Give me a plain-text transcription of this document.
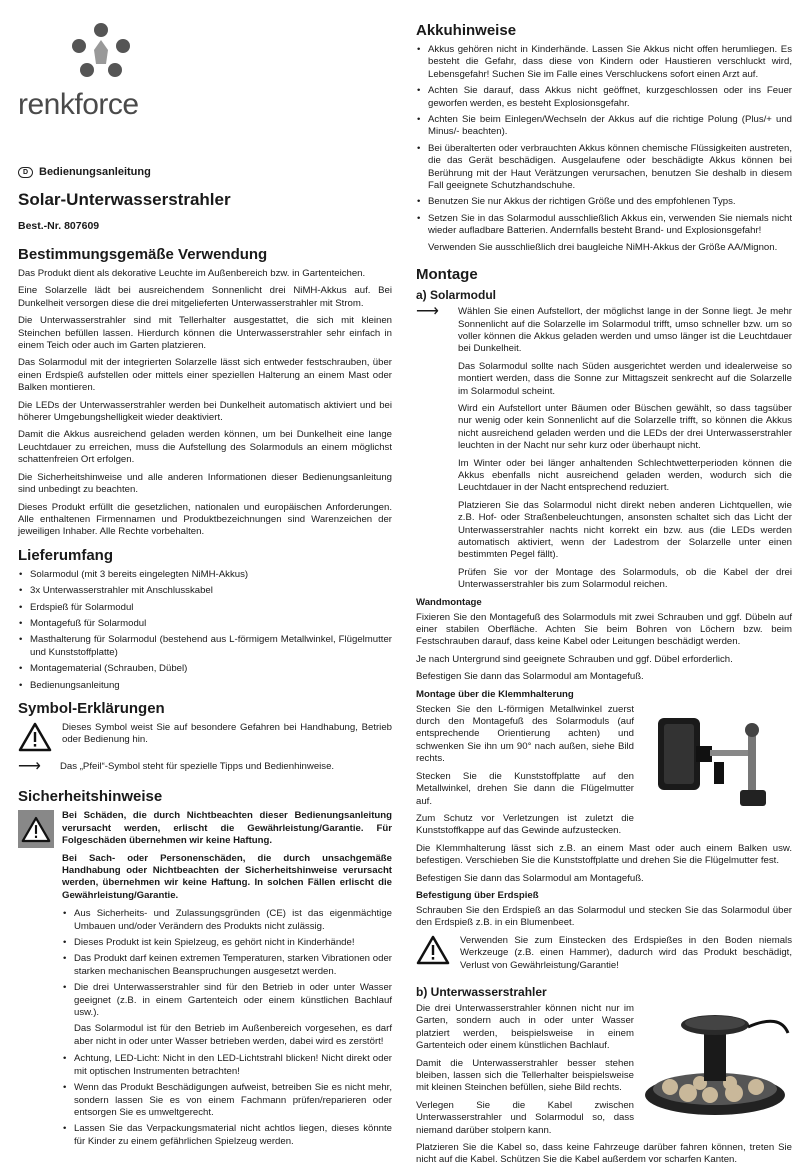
renkforce
D Bedienungsanleitung
Solar-Unterwasserstrahler
Best.-Nr. 807609
Bestimmungsgemäße Verwendung

Das Produkt dient als dekorative Leuchte im Außenbereich bzw. in Gartenteichen.

Eine Solarzelle lädt bei ausreichendem Sonnenlicht drei NiMH-Akkus auf. Bei Dunkelheit versorgen diese die drei mitgelieferten Unterwasserstrahler mit Strom.

Die Unterwasserstrahler sind mit Tellerhalter ausgestattet, die sich mit kleinen Steinchen befüllen lassen. Hierdurch können die Unterwasserstrahler sehr einfach in einem Teich oder auch im Garten platzieren.

Das Solarmodul mit der integrierten Solarzelle lässt sich entweder festschrauben, über einen Erdspieß aufstellen oder mittels einer speziellen Halterung an einem Mast oder Balken montieren.

Die LEDs der Unterwasserstrahler werden bei Dunkelheit automatisch aktiviert und bei höherer Umgebungshelligkeit wieder deaktiviert.

Damit die Akkus ausreichend geladen werden können, um bei Dunkelheit eine lange Leuchtdauer zu erreichen, muss die Aufstellung des Solarmoduls an einem möglichst schattenfreien Ort erfolgen.

Die Sicherheitshinweise und alle anderen Informationen dieser Bedienungsanleitung sind unbedingt zu beachten.

Dieses Produkt erfüllt die gesetzlichen, nationalen und europäischen Anforderungen. Alle enthaltenen Firmennamen und Produktbezeichnungen sind Warenzeichen der jeweiligen Inhaber. Alle Rechte vorbehalten.

Lieferumfang
• Solarmodul (mit 3 bereits eingelegten NiMH-Akkus)
• 3x Unterwasserstrahler mit Anschlusskabel
• Erdspieß für Solarmodul
• Montagefuß für Solarmodul
• Masthalterung für Solarmodul (bestehend aus L-förmigem Metallwinkel, Flügelmutter und Kunststoffplatte)
• Montagematerial (Schrauben, Dübel)
• Bedienungsanleitung
Symbol-Erklärungen

Dieses Symbol weist Sie auf besondere Gefahren bei Handhabung, Betrieb oder Bedienung hin.

⟶	Das „Pfeil“-Symbol steht für spezielle Tipps und Bedienhinweise.

Sicherheitshinweise

Bei Schäden, die durch Nichtbeachten dieser Bedienungsanleitung verursacht werden, erlischt die Gewährleistung/Garantie. Für Folgeschäden übernehmen wir keine Haftung.

Bei Sach- oder Personenschäden, die durch unsachgemäße Handhabung oder Nichtbeachten der Sicherheitshinweise verursacht werden, übernehmen wir keine Haftung. In solchen Fällen erlischt die Gewährleistung/Garantie.

• Aus Sicherheits- und Zulassungsgründen (CE) ist das eigenmächtige Umbauen und/oder Verändern des Produkts nicht zulässig.
• Dieses Produkt ist kein Spielzeug, es gehört nicht in Kinderhände!
• Das Produkt darf keinen extremen Temperaturen, starken Vibrationen oder starken mechanischen Beanspruchungen ausgesetzt werden.
• Die drei Unterwasserstrahler sind für den Betrieb in oder unter Wasser geeignet (z.B. in einem Gartenteich oder einem künstlichen Bachlauf usw.).

Das Solarmodul ist für den Betrieb im Außenbereich vorgesehen, es darf aber nicht in oder unter Wasser betrieben werden, dabei wird es zerstört!

• Achtung, LED-Licht: Nicht in den LED-Lichtstrahl blicken! Nicht direkt oder mit optischen Instrumenten betrachten!
• Wenn das Produkt Beschädigungen aufweist, betreiben Sie es nicht mehr, sondern lassen Sie es von einem Fachmann prüfen/reparieren oder entsorgen Sie es umweltgerecht.
• Lassen Sie das Verpackungsmaterial nicht achtlos liegen, dieses könnte für Kinder zu einem gefährlichen Spielzeug werden.
Akkuhinweise
• Akkus gehören nicht in Kinderhände. Lassen Sie Akkus nicht offen herumliegen. Es besteht die Gefahr, dass diese von Kindern oder Haustieren verschluckt wird, Lebensgefahr! Suchen Sie im Falle eines Verschluckens sofort einen Arzt auf.
• Achten Sie darauf, dass Akkus nicht geöffnet, kurzgeschlossen oder ins Feuer geworfen werden, es besteht Explosionsgefahr.
• Achten Sie beim Einlegen/Wechseln der Akkus auf die richtige Polung (Plus/+ und Minus/- beachten).
• Bei überalterten oder verbrauchten Akkus können chemische Flüssigkeiten austreten, die das Gerät beschädigen. Ausgelaufene oder beschädigte Akkus können bei Berührung mit der Haut Verätzungen verursachen, benutzen Sie deshalb in diesem Fall geeignete Schutzhandschuhe.
• Benutzen Sie nur Akkus der richtigen Größe und des empfohlenen Typs.
• Setzen Sie in das Solarmodul ausschließlich Akkus ein, verwenden Sie niemals nicht wieder aufladbare Batterien. Andernfalls besteht Brand- und Explosionsgefahr!

Verwenden Sie ausschließlich drei baugleiche NiMH-Akkus der Größe AA/Mignon.

Montage
a) Solarmodul
⟶	Wählen Sie einen Aufstellort, der möglichst lange in der Sonne liegt. Je mehr Sonnenlicht auf die Solarzelle im Solarmodul trifft, umso schneller bzw. um so voller können die Akkus geladen werden und umso länger ist die Leuchtdauer bei Dunkelheit.

Das Solarmodul sollte nach Süden ausgerichtet werden und idealerweise so montiert werden, dass die Sonne zur Mittagszeit senkrecht auf die Solarzelle im Solarmodul scheint.

Wird ein Aufstellort unter Bäumen oder Büschen gewählt, so dass tagsüber nur wenig oder kein Sonnenlicht auf die Solarzelle trifft, so können die Akkus nicht ausreichend geladen werden und die LEDs der drei Unterwasserstrahler leuchten in der Nacht nur sehr kurz oder überhaupt nicht.

Im Winter oder bei länger anhaltenden Schlechtwetterperioden können die Akkus ebenfalls nicht ausreichend geladen werden, wodurch sich die Leuchtdauer in der Nacht entsprechend reduziert.

Platzieren Sie das Solarmodul nicht direkt neben anderen Lichtquellen, wie z.B. Hof- oder Straßenbeleuchtungen, ansonsten schaltet sich das Licht der Unterwasserstrahler nachts nicht korrekt ein bzw. aus (die LEDs werden automatisch aktiviert, wenn der Ladestrom der Solarzelle unter einen bestimmten Pegel fällt).

Prüfen Sie vor der Montage des Solarmoduls, ob die Kabel der drei Unterwasserstrahler bis zum Solarmodul reichen.

Wandmontage

Fixieren Sie den Montagefuß des Solarmoduls mit zwei Schrauben und ggf. Dübeln auf einer stabilen Oberfläche. Achten Sie beim Bohren von Löchern bzw. beim Festschrauben darauf, dass keine Kabel oder Leitungen beschädigt werden.

Je nach Untergrund sind geeignete Schrauben und ggf. Dübel erforderlich.

Befestigen Sie dann das Solarmodul am Montagefuß.

Montage über die Klemmhalterung

Stecken Sie den L-förmigen Metallwinkel zuerst durch den Montagefuß des Solarmoduls (auf entsprechende Orientierung achten) und schwenken Sie ihn um 90° nach außen, siehe Bild rechts.

Stecken Sie die Kunststoffplatte auf den Metallwinkel, drehen Sie dann die Flügelmutter auf.

Zum Schutz vor Verletzungen ist zuletzt die Kunststoffkappe auf das Gewinde aufzustecken.

Die Klemmhalterung lässt sich z.B. an einem Mast oder auch einem Balken usw. befestigen. Verschieben Sie die Kunststoffplatte und drehen Sie die Flügelmutter fest.

Befestigen Sie dann das Solarmodul am Montagefuß.

Befestigung über Erdspieß

Schrauben Sie den Erdspieß an das Solarmodul und stecken Sie das Solarmodul über den Erdspieß z.B. in ein Blumenbeet.

Verwenden Sie zum Einstecken des Erdspießes in den Boden niemals Werkzeuge (z.B. einen Hammer), dadurch wird das Produkt beschädigt, Verlust von Gewährleistung/Garantie!

b) Unterwasserstrahler

Die drei Unterwasserstrahler können nicht nur im Garten, sondern auch in oder unter Wasser platziert werden, beispielsweise in einem Gartenteich oder einem künstlichen Bachlauf.

Damit die Unterwasserstrahler besser stehen bleiben, lassen sich die Tellerhalter beispielsweise mit kleinen Steinchen befüllen, siehe Bild rechts.

Verlegen Sie die Kabel zwischen Unterwasserstrahler und Solarmodul so, dass niemand darüber stolpern kann.

Platzieren Sie die Kabel so, dass keine Fahrzeuge darüber fahren können, treten Sie nicht auf die Kabel. Schützen Sie die Kabel außerdem vor scharfen Kanten.
